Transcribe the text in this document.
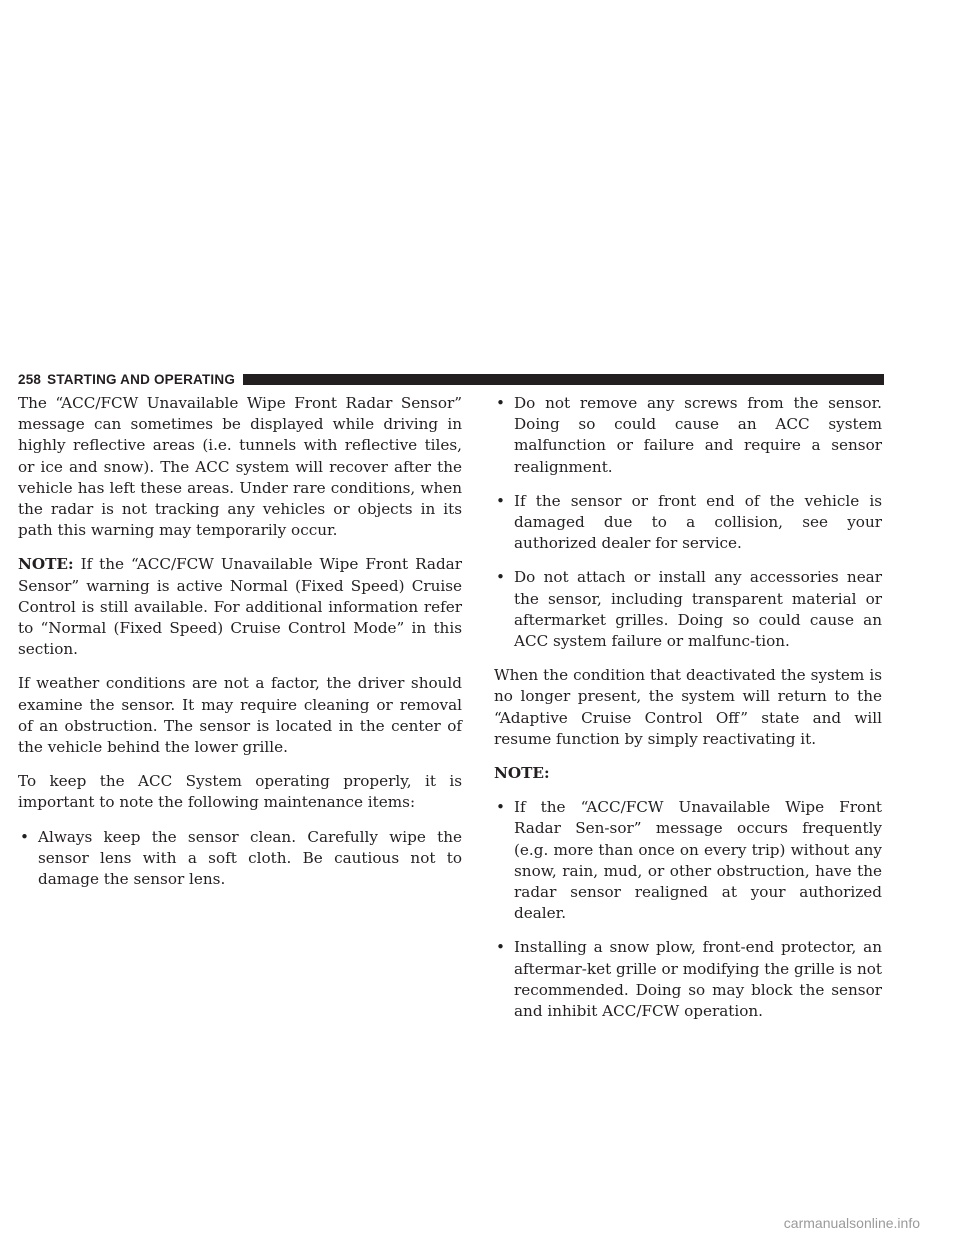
258 STARTING AND OPERATING

The “ACC/FCW Unavailable Wipe Front Radar Sensor” message can sometimes be displayed while driving in highly reflective areas (i.e. tunnels with reflective tiles, or ice and snow). The ACC system will recover after the vehicle has left these areas. Under rare conditions, when the radar is not tracking any vehicles or objects in its path this warning may temporarily occur.

NOTE: If the “ACC/FCW Unavailable Wipe Front Radar Sensor” warning is active Normal (Fixed Speed) Cruise Control is still available. For additional information refer to “Normal (Fixed Speed) Cruise Control Mode” in this section.

If weather conditions are not a factor, the driver should examine the sensor. It may require cleaning or removal of an obstruction. The sensor is located in the center of the vehicle behind the lower grille.

To keep the ACC System operating properly, it is important to note the following maintenance items:

• Always keep the sensor clean. Carefully wipe the sensor lens with a soft cloth. Be cautious not to damage the sensor lens.
• Do not remove any screws from the sensor. Doing so could cause an ACC system malfunction or failure and require a sensor realignment.
• If the sensor or front end of the vehicle is damaged due to a collision, see your authorized dealer for service.
• Do not attach or install any accessories near the sensor, including transparent material or aftermarket grilles. Doing so could cause an ACC system failure or malfunc-tion.

When the condition that deactivated the system is no longer present, the system will return to the “Adaptive Cruise Control Off” state and will resume function by simply reactivating it.

NOTE:

• If the “ACC/FCW Unavailable Wipe Front Radar Sen-sor” message occurs frequently (e.g. more than once on every trip) without any snow, rain, mud, or other obstruction, have the radar sensor realigned at your authorized dealer.
• Installing a snow plow, front-end protector, an aftermar-ket grille or modifying the grille is not recommended. Doing so may block the sensor and inhibit ACC/FCW operation.
carmanualsonline.info
